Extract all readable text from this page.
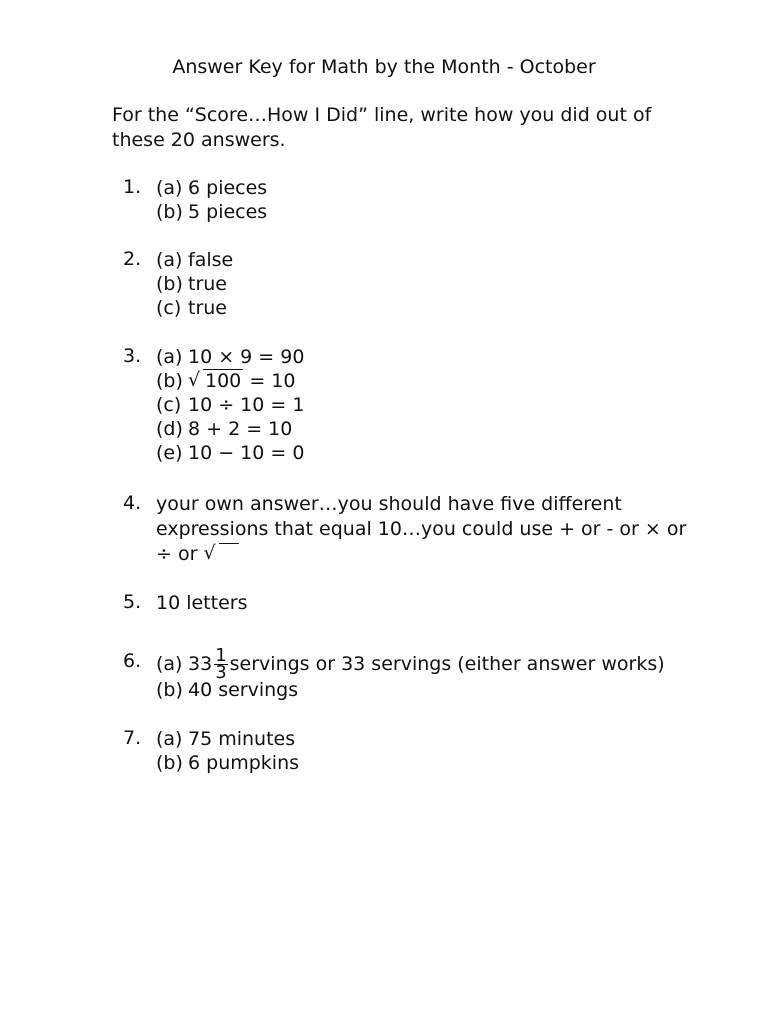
Answer Key for Math by the Month - October

For the “Score…How I Did” line, write how you did out of these 20 answers.

1. (a) 6 pieces
(b) 5 pieces
2. (a) false
(b) true
(c) true
3. (a) 10 × 9 = 90
(b) √ 100 = 10
(c) 10 ÷ 10 = 1
(d) 8 + 2 = 10
(e) 10 − 10 = 0
4. your own answer…you should have five different
expressions that equal 10…you could use + or - or × or
÷ or √
5. 10 letters
6. (a) $33 \frac{1}{3}$ servings or 33 servings (either answer works)
(b) 40 servings
7. (a) 75 minutes
(b) 6 pumpkins
